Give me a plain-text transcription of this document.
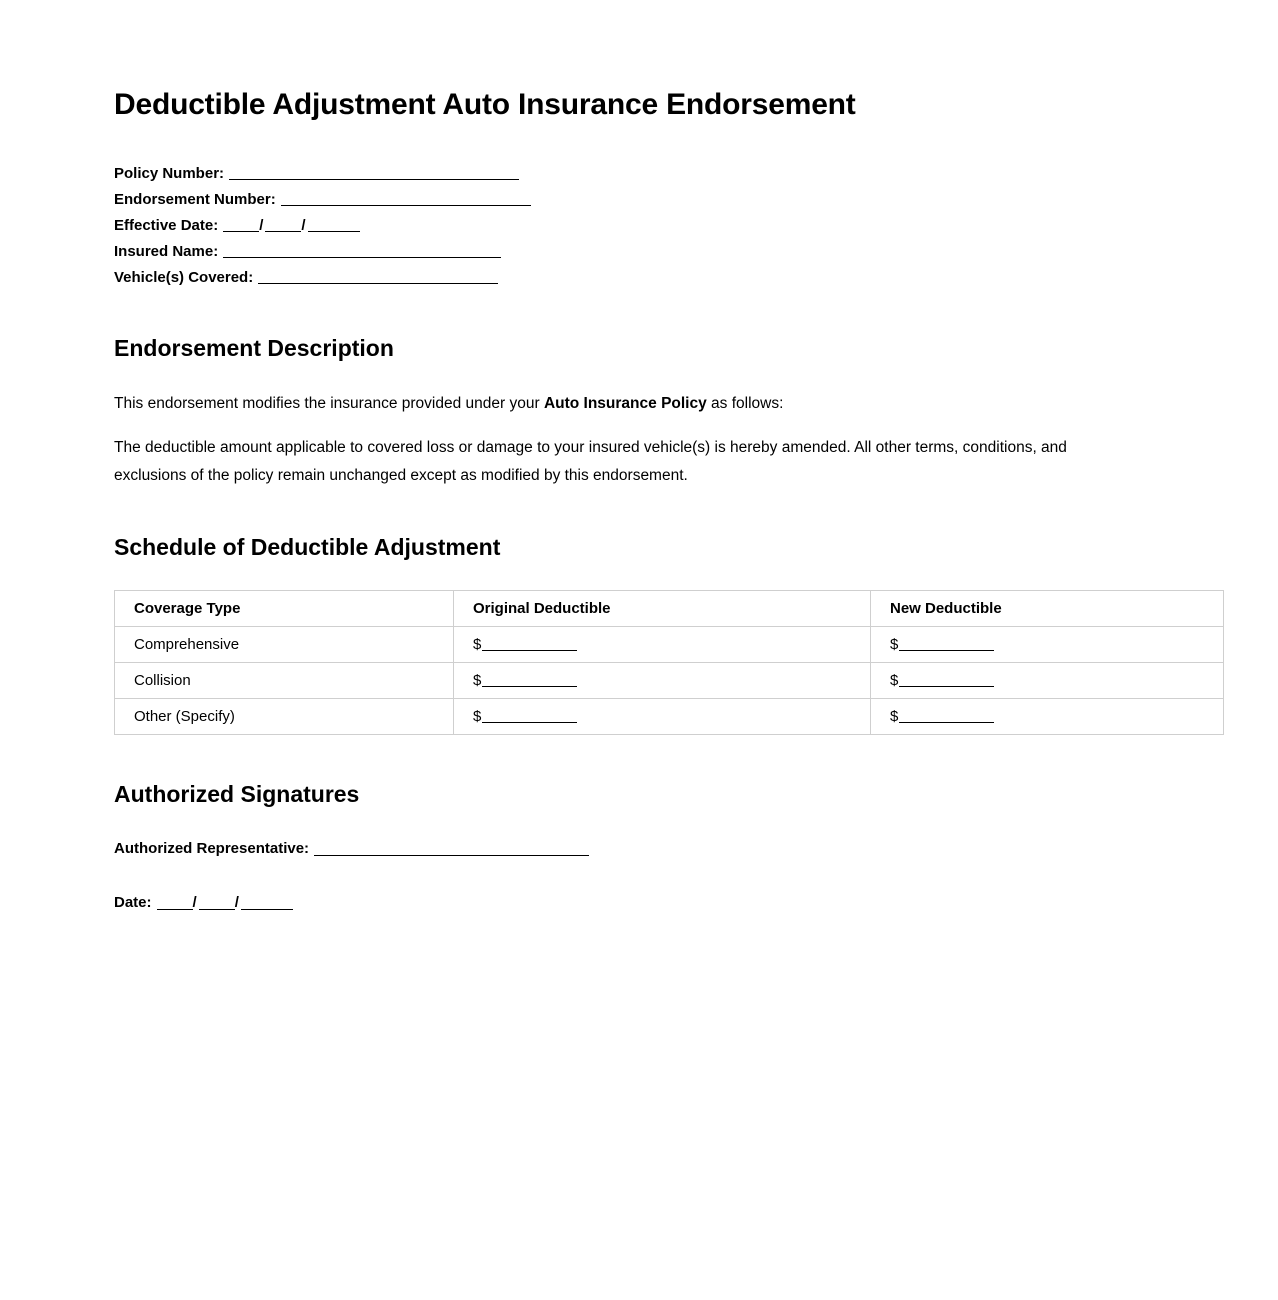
Deductible Adjustment Auto Insurance Endorsement
Policy Number:
Endorsement Number:
Effective Date:	/	/
Insured Name:
Vehicle(s) Covered:
Endorsement Description

This endorsement modifies the insurance provided under your Auto Insurance Policy as follows:

The deductible amount applicable to covered loss or damage to your insured vehicle(s) is hereby amended. All other terms, conditions, and exclusions of the policy remain unchanged except as modified by this endorsement.

Schedule of Deductible Adjustment
Coverage Type	Original Deductible	New Deductible
Comprehensive	$	$
Collision	$	$
Other (Specify)	$	$
Authorized Signatures
Authorized Representative:
Date:	/	/
